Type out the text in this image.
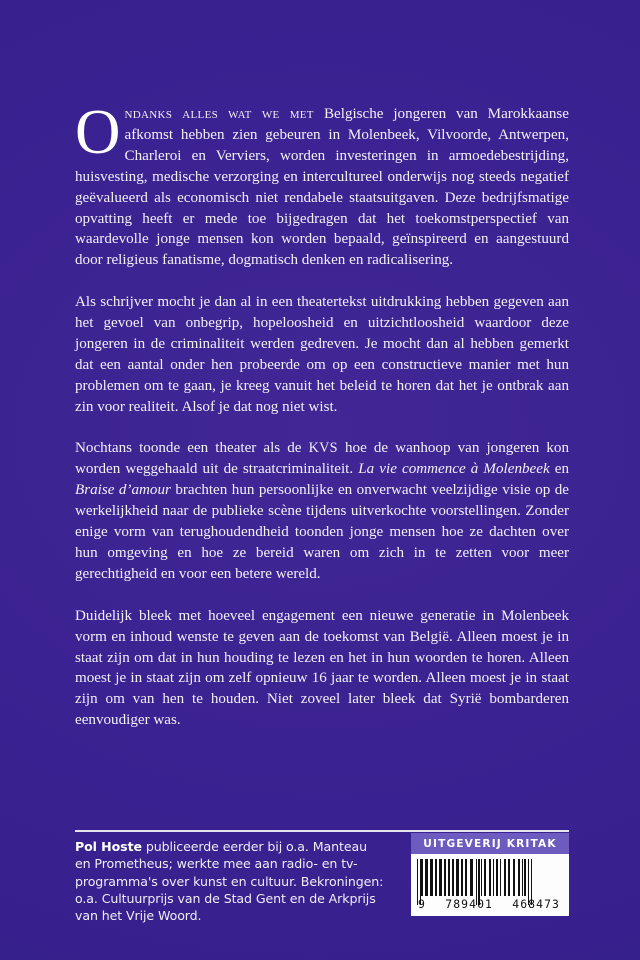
Ondanks alles wat we met Belgische jongeren van Marokkaanse afkomst hebben zien gebeuren in Molenbeek, Vilvoorde, Antwerpen, Charleroi en Verviers, worden investeringen in armoedebestrijding, huisvesting, medische verzorging en intercultureel onderwijs nog steeds negatief geëvalueerd als economisch niet rendabele staatsuitgaven. Deze bedrijfsmatige opvatting heeft er mede toe bijgedragen dat het toekomstperspectief van waardevolle jonge mensen kon worden bepaald, geïnspireerd en aangestuurd door religieus fanatisme, dogmatisch denken en radicalisering.

Als schrijver mocht je dan al in een theatertekst uitdrukking hebben gegeven aan het gevoel van onbegrip, hopeloosheid en uitzichtloosheid waardoor deze jongeren in de criminaliteit werden gedreven. Je mocht dan al hebben gemerkt dat een aantal onder hen probeerde om op een constructieve manier met hun problemen om te gaan, je kreeg vanuit het beleid te horen dat het je ontbrak aan zin voor realiteit. Alsof je dat nog niet wist.

Nochtans toonde een theater als de KVS hoe de wanhoop van jongeren kon worden weggehaald uit de straatcriminaliteit. La vie commence à Molenbeek en Braise d’amour brachten hun persoonlijke en onverwacht veelzijdige visie op de werkelijkheid naar de publieke scène tijdens uitverkochte voorstellingen. Zonder enige vorm van terughoudendheid toonden jonge mensen hoe ze dachten over hun omgeving en hoe ze bereid waren om zich in te zetten voor meer gerechtigheid en voor een betere wereld.

Duidelijk bleek met hoeveel engagement een nieuwe generatie in Molenbeek vorm en inhoud wenste te geven aan de toekomst van België. Alleen moest je in staat zijn om dat in hun houding te lezen en het in hun woorden te horen. Alleen moest je in staat zijn om zelf opnieuw 16 jaar te worden. Alleen moest je in staat zijn om van hen te houden. Niet zoveel later bleek dat Syrië bombarderen eenvoudiger was.

Pol Hoste publiceerde eerder bij o.a. Manteau en Prometheus; werkte mee aan radio- en tv-programma's over kunst en cultuur. Bekroningen: o.a. Cultuurprijs van de Stad Gent en de Arkprijs van het Vrije Woord.
UITGEVERIJ KRITAK
9 789401 468473
